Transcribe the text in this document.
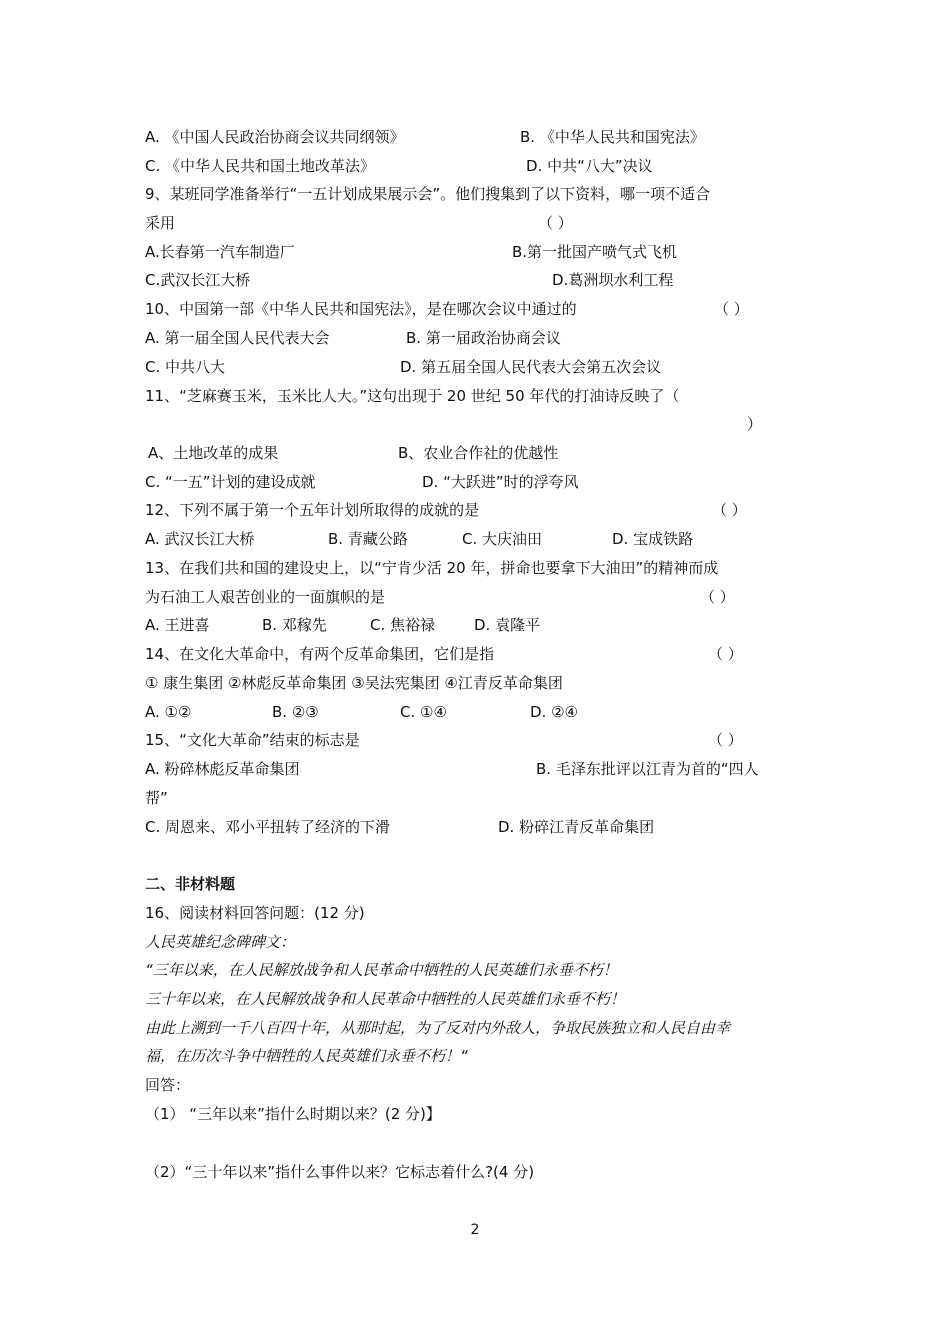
A. 《中国人民政治协商会议共同纲领》	B. 《中华人民共和国宪法》
C. 《中华人民共和国土地改革法》	D. 中共“八大”决议
9、某班同学准备举行“一五计划成果展示会”。他们搜集到了以下资料，哪一项不适合
采用	（ ）
A.长春第一汽车制造厂	B.第一批国产喷气式飞机
C.武汉长江大桥	D.葛洲坝水利工程
10、中国第一部《中华人民共和国宪法》，是在哪次会议中通过的	（ ）
A. 第一届全国人民代表大会	B. 第一届政治协商会议
C. 中共八大	D. 第五届全国人民代表大会第五次会议
11、“芝麻赛玉米，玉米比人大。”这句出现于 20 世纪 50 年代的打油诗反映了（
）
A、土地改革的成果	B、农业合作社的优越性
C. “一五”计划的建设成就	D. “大跃进”时的浮夸风
12、下列不属于第一个五年计划所取得的成就的是	（ ）
A. 武汉长江大桥	B. 青藏公路	C. 大庆油田	D. 宝成铁路
13、在我们共和国的建设史上，以“宁肯少活 20 年，拼命也要拿下大油田”的精神而成
为石油工人艰苦创业的一面旗帜的是	（ ）
A. 王进喜	B. 邓稼先	C. 焦裕禄	D. 袁隆平
14、在文化大革命中，有两个反革命集团，它们是指	（ ）
① 康生集团 ②林彪反革命集团 ③吴法宪集团 ④江青反革命集团
A. ①②	B. ②③	C. ①④	D. ②④
15、“文化大革命”结束的标志是	（ ）
A. 粉碎林彪反革命集团	B. 毛泽东批评以江青为首的“四人
帮”
C. 周恩来、邓小平扭转了经济的下滑	D. 粉碎江青反革命集团
二、非材料题
16、阅读材料回答问题：(12 分)
人民英雄纪念碑碑文：
“三年以来，在人民解放战争和人民革命中牺牲的人民英雄们永垂不朽！
三十年以来，在人民解放战争和人民革命中牺牲的人民英雄们永垂不朽！
由此上溯到一千八百四十年，从那时起，为了反对内外敌人，争取民族独立和人民自由幸
福，在历次斗争中牺牲的人民英雄们永垂不朽！“
回答：
（1） “三年以来”指什么时期以来？(2 分)】
（2）“三十年以来”指什么事件以来？它标志着什么?(4 分)
2
